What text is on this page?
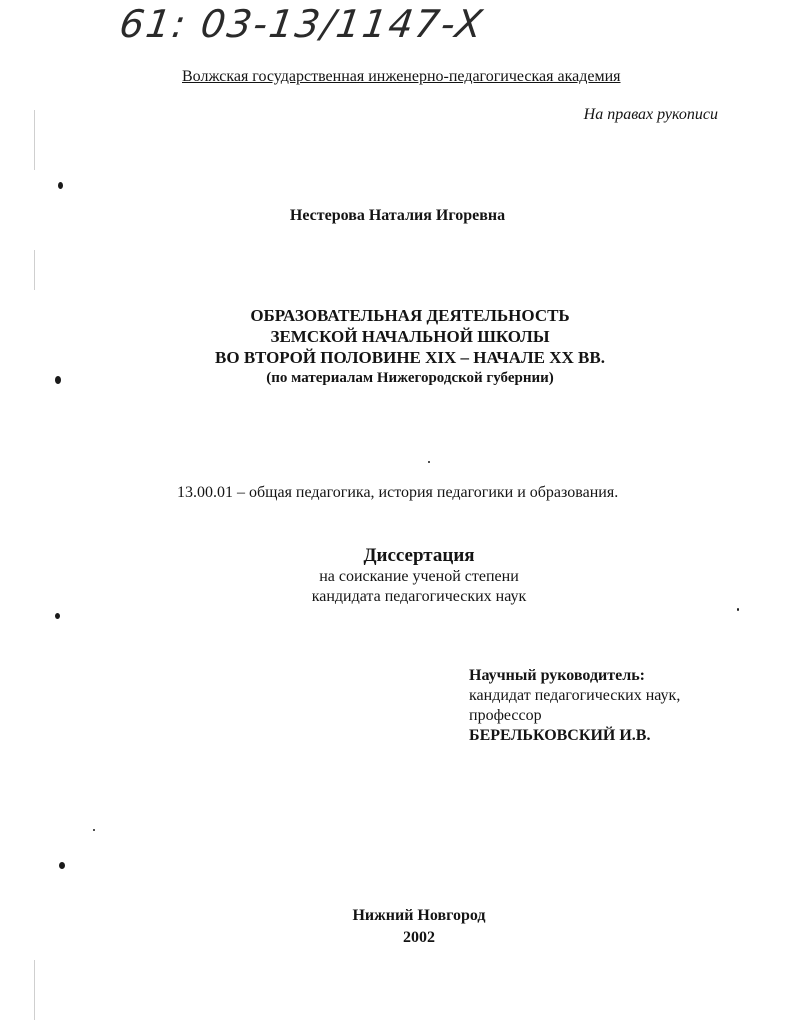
61: 03-13/1147-X
Волжская государственная инженерно-педагогическая академия
На правах рукописи
Нестерова Наталия Игоревна
ОБРАЗОВАТЕЛЬНАЯ ДЕЯТЕЛЬНОСТЬ
ЗЕМСКОЙ НАЧАЛЬНОЙ ШКОЛЫ
ВО ВТОРОЙ ПОЛОВИНЕ XIX – НАЧАЛЕ XX ВВ.
(по материалам Нижегородской губернии)
13.00.01 – общая педагогика, история педагогики и образования.
Диссертация
на соискание ученой степени
кандидата педагогических наук
Научный руководитель:
кандидат педагогических наук,
профессор
БЕРЕЛЬКОВСКИЙ И.В.
Нижний Новгород
2002
